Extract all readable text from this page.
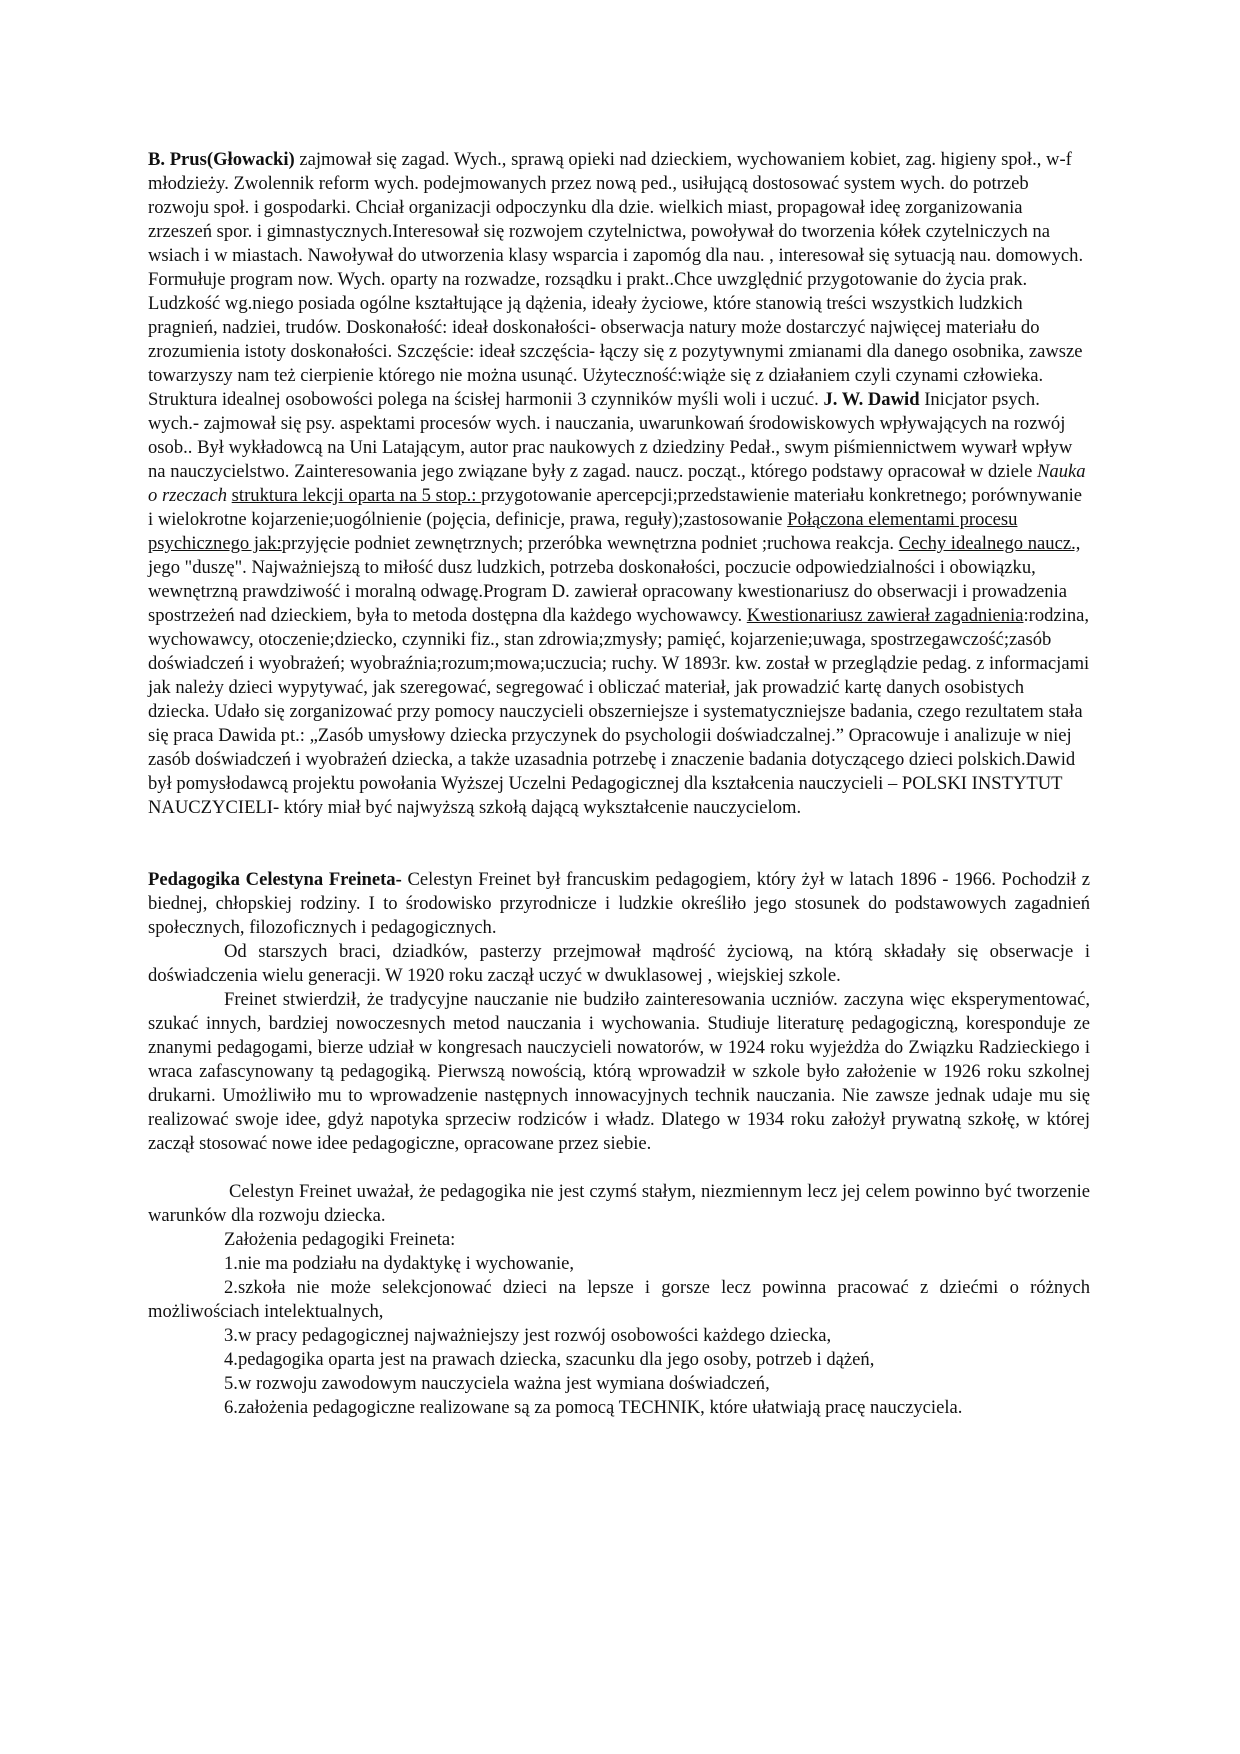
B. Prus(Głowacki) zajmował się zagad. Wych., sprawą opieki nad dzieckiem, wychowaniem kobiet, zag. higieny społ., w-f młodzieży. Zwolennik reform wych. podejmowanych przez nową ped., usiłującą dostosować system wych. do potrzeb rozwoju społ. i gospodarki. Chciał organizacji odpoczynku dla dzie. wielkich miast, propagował ideę zorganizowania zrzeszeń spor. i gimnastycznych.Interesował się rozwojem czytelnictwa, powoływał do tworzenia kółek czytelniczych na wsiach i w miastach. Nawoływał do utworzenia klasy wsparcia i zapomóg dla nau. , interesował się sytuacją nau. domowych. Formułuje program now. Wych. oparty na rozwadze, rozsądku i prakt..Chce uwzględnić przygotowanie do życia prak. Ludzkość wg.niego posiada ogólne kształtujące ją dążenia, ideały życiowe, które stanowią treści wszystkich ludzkich pragnień, nadziei, trudów. Doskonałość: ideał doskonałości- obserwacja natury może dostarczyć najwięcej materiału do zrozumienia istoty doskonałości. Szczęście: ideał szczęścia- łączy się z pozytywnymi zmianami dla danego osobnika, zawsze towarzyszy nam też cierpienie którego nie można usunąć. Użyteczność:wiąże się z działaniem czyli czynami człowieka. Struktura idealnej osobowości polega na ścisłej harmonii 3 czynników myśli woli i uczuć. J. W. Dawid Inicjator psych. wych.- zajmował się psy. aspektami procesów wych. i nauczania, uwarunkowań środowiskowych wpływających na rozwój osob.. Był wykładowcą na Uni Latającym, autor prac naukowych z dziedziny Pedał., swym piśmiennictwem wywarł wpływ na nauczycielstwo. Zainteresowania jego związane były z zagad. naucz. począt., którego podstawy opracował w dziele Nauka o rzeczach struktura lekcji oparta na 5 stop.: przygotowanie apercepcji;przedstawienie materiału konkretnego; porównywanie i wielokrotne kojarzenie;uogólnienie (pojęcia, definicje, prawa, reguły);zastosowanie Połączona elementami procesu psychicznego jak:przyjęcie podniet zewnętrznych; przeróbka wewnętrzna podniet ;ruchowa reakcja. Cechy idealnego naucz., jego "duszę". Najważniejszą to miłość dusz ludzkich, potrzeba doskonałości, poczucie odpowiedzialności i obowiązku, wewnętrzną prawdziwość i moralną odwagę.Program D. zawierał opracowany kwestionariusz do obserwacji i prowadzenia spostrzeżeń nad dzieckiem, była to metoda dostępna dla każdego wychowawcy. Kwestionariusz zawierał zagadnienia:rodzina, wychowawcy, otoczenie;dziecko, czynniki fiz., stan zdrowia;zmysły; pamięć, kojarzenie;uwaga, spostrzegawczość;zasób doświadczeń i wyobrażeń; wyobraźnia;rozum;mowa;uczucia; ruchy. W 1893r. kw. został w przeglądzie pedag. z informacjami jak należy dzieci wypytywać, jak szeregować, segregować i obliczać materiał, jak prowadzić kartę danych osobistych dziecka. Udało się zorganizować przy pomocy nauczycieli obszerniejsze i systematyczniejsze badania, czego rezultatem stała się praca Dawida pt.: „Zasób umysłowy dziecka przyczynek do psychologii doświadczalnej.” Opracowuje i analizuje w niej zasób doświadczeń i wyobrażeń dziecka, a także uzasadnia potrzebę i znaczenie badania dotyczącego dzieci polskich.Dawid był pomysłodawcą projektu powołania Wyższej Uczelni Pedagogicznej dla kształcenia nauczycieli – POLSKI INSTYTUT NAUCZYCIELI- który miał być najwyższą szkołą dającą wykształcenie nauczycielom.

Pedagogika Celestyna Freineta- Celestyn Freinet był francuskim pedagogiem, który żył w latach 1896 - 1966. Pochodził z biednej, chłopskiej rodziny. I to środowisko przyrodnicze i ludzkie określiło jego stosunek do podstawowych zagadnień społecznych, filozoficznych i pedagogicznych.

Od starszych braci, dziadków, pasterzy przejmował mądrość życiową, na którą składały się obserwacje i doświadczenia wielu generacji. W 1920 roku zaczął uczyć w dwuklasowej , wiejskiej szkole.

Freinet stwierdził, że tradycyjne nauczanie nie budziło zainteresowania uczniów. zaczyna więc eksperymentować, szukać innych, bardziej nowoczesnych metod nauczania i wychowania. Studiuje literaturę pedagogiczną, koresponduje ze znanymi pedagogami, bierze udział w kongresach nauczycieli nowatorów, w 1924 roku wyjeżdża do Związku Radzieckiego i wraca zafascynowany tą pedagogiką. Pierwszą nowością, którą wprowadził w szkole było założenie w 1926 roku szkolnej drukarni. Umożliwiło mu to wprowadzenie następnych innowacyjnych technik nauczania. Nie zawsze jednak udaje mu się realizować swoje idee, gdyż napotyka sprzeciw rodziców i władz. Dlatego w 1934 roku założył prywatną szkołę, w której zaczął stosować nowe idee pedagogiczne, opracowane przez siebie.

Celestyn Freinet uważał, że pedagogika nie jest czymś stałym, niezmiennym lecz jej celem powinno być tworzenie warunków dla rozwoju dziecka.

Założenia pedagogiki Freineta:

1.nie ma podziału na dydaktykę i wychowanie,
2.szkoła nie może selekcjonować dzieci na lepsze i gorsze lecz powinna pracować z dziećmi o różnych możliwościach intelektualnych,
3.w pracy pedagogicznej najważniejszy jest rozwój osobowości każdego dziecka,
4.pedagogika oparta jest na prawach dziecka, szacunku dla jego osoby, potrzeb i dążeń,
5.w rozwoju zawodowym nauczyciela ważna jest wymiana doświadczeń,
6.założenia pedagogiczne realizowane są za pomocą TECHNIK, które ułatwiają pracę nauczyciela.
